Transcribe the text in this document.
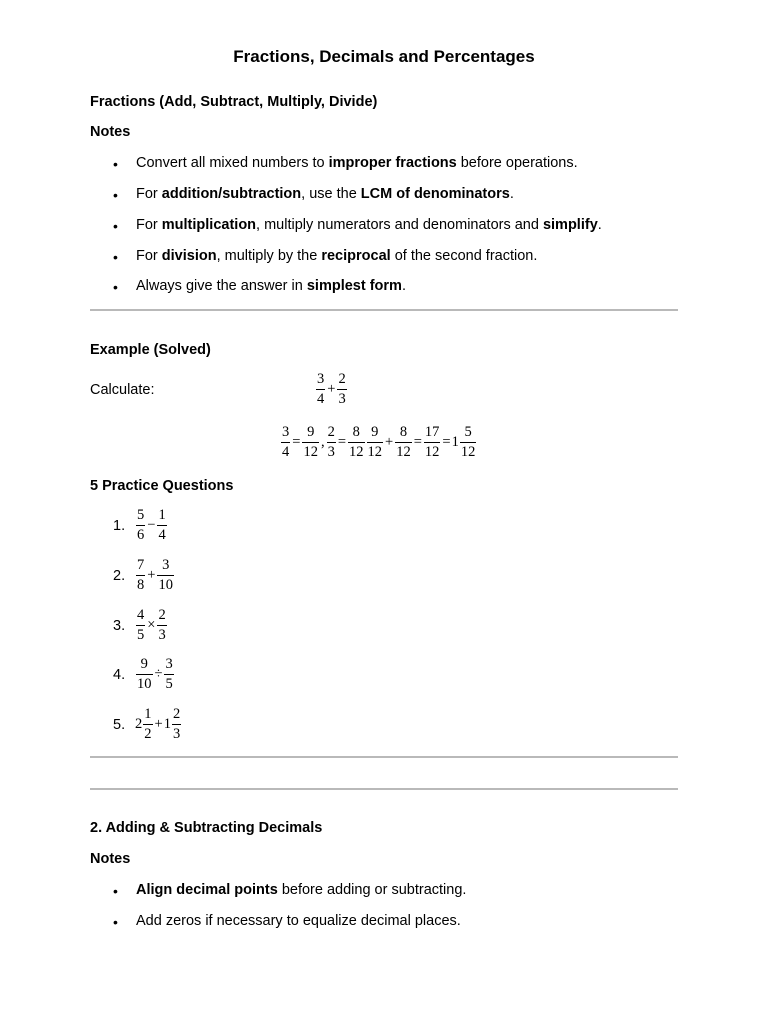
Fractions, Decimals and Percentages
Fractions (Add, Subtract, Multiply, Divide)
Notes
• Convert all mixed numbers to improper fractions before operations.
• For addition/subtraction, use the LCM of denominators.
• For multiplication, multiply numerators and denominators and simplify.
• For division, multiply by the reciprocal of the second fraction.
• Always give the answer in simplest form.
Example (Solved)
Calculate:	$\frac{3}{4} + \frac{2}{3}$
$\frac{3}{4} = \frac{9}{12}$ , $\frac{2}{3} = \frac{8}{12} \frac{9}{12} + \frac{8}{12} = \frac{17}{12} = 1 \frac{5}{12}$
5 Practice Questions
1. $\frac{5}{6} - \frac{1}{4}$
2. $\frac{7}{8} + \frac{3}{10}$
3. $\frac{4}{5} \times \frac{2}{3}$
4. $\frac{9}{10} \div \frac{3}{5}$
5. $2 \frac{1}{2} + 1 \frac{2}{3}$
2. Adding & Subtracting Decimals
Notes
• Align decimal points before adding or subtracting.
• Add zeros if necessary to equalize decimal places.
